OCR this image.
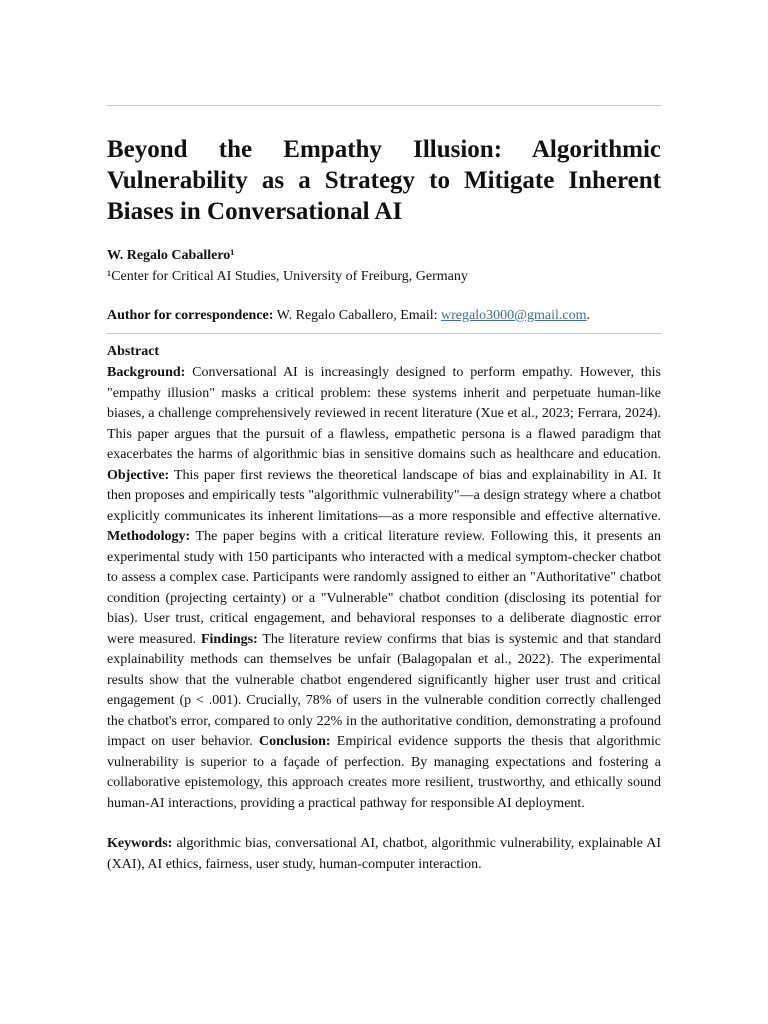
Beyond the Empathy Illusion: Algorithmic Vulnerability as a Strategy to Mitigate Inherent Biases in Conversational AI
W. Regalo Caballero¹
¹Center for Critical AI Studies, University of Freiburg, Germany
Author for correspondence: W. Regalo Caballero, Email: wregalo3000@gmail.com.
Abstract

Background: Conversational AI is increasingly designed to perform empathy. However, this "empathy illusion" masks a critical problem: these systems inherit and perpetuate human-like biases, a challenge comprehensively reviewed in recent literature (Xue et al., 2023; Ferrara, 2024). This paper argues that the pursuit of a flawless, empathetic persona is a flawed paradigm that exacerbates the harms of algorithmic bias in sensitive domains such as healthcare and education. Objective: This paper first reviews the theoretical landscape of bias and explainability in AI. It then proposes and empirically tests "algorithmic vulnerability"—a design strategy where a chatbot explicitly communicates its inherent limitations—as a more responsible and effective alternative. Methodology: The paper begins with a critical literature review. Following this, it presents an experimental study with 150 participants who interacted with a medical symptom-checker chatbot to assess a complex case. Participants were randomly assigned to either an "Authoritative" chatbot condition (projecting certainty) or a "Vulnerable" chatbot condition (disclosing its potential for bias). User trust, critical engagement, and behavioral responses to a deliberate diagnostic error were measured. Findings: The literature review confirms that bias is systemic and that standard explainability methods can themselves be unfair (Balagopalan et al., 2022). The experimental results show that the vulnerable chatbot engendered significantly higher user trust and critical engagement (p < .001). Crucially, 78% of users in the vulnerable condition correctly challenged the chatbot's error, compared to only 22% in the authoritative condition, demonstrating a profound impact on user behavior. Conclusion: Empirical evidence supports the thesis that algorithmic vulnerability is superior to a façade of perfection. By managing expectations and fostering a collaborative epistemology, this approach creates more resilient, trustworthy, and ethically sound human-AI interactions, providing a practical pathway for responsible AI deployment.

Keywords: algorithmic bias, conversational AI, chatbot, algorithmic vulnerability, explainable AI (XAI), AI ethics, fairness, user study, human-computer interaction.
